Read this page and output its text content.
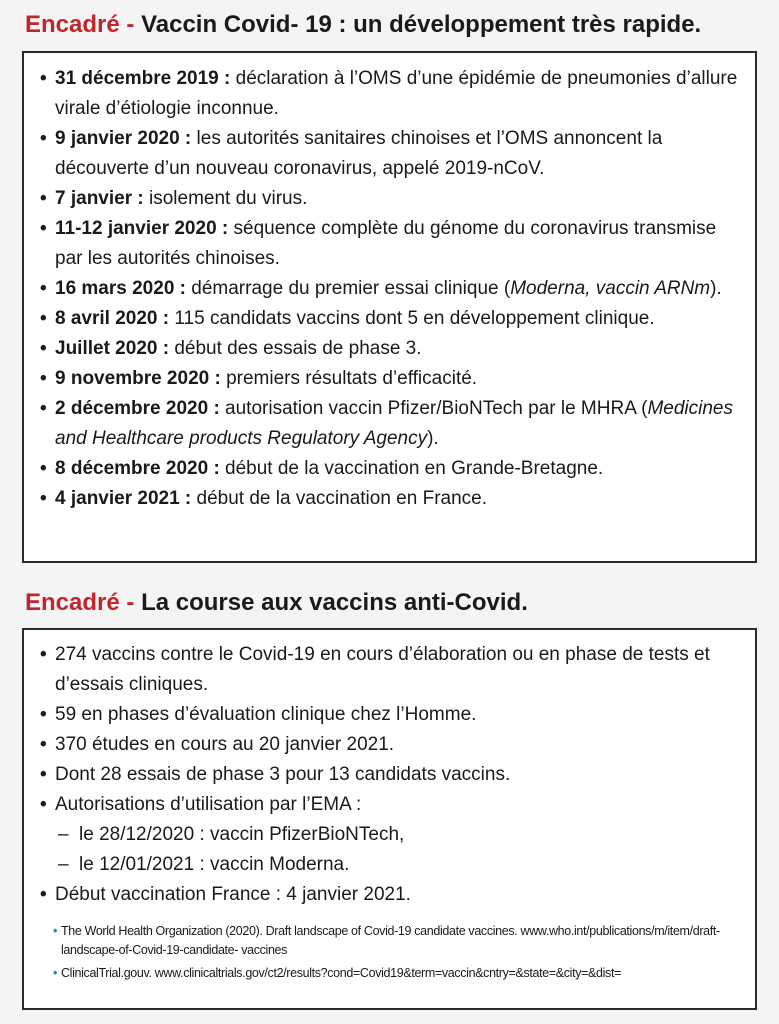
Encadré - Vaccin Covid- 19 : un développement très rapide.
• 31 décembre 2019 : déclaration à l’OMS d’une épidémie de pneumonies d’allure virale d’étiologie inconnue.
• 9 janvier 2020 : les autorités sanitaires chinoises et l’OMS annoncent la découverte d’un nouveau coronavirus, appelé 2019-nCoV.
• 7 janvier : isolement du virus.
• 11-12 janvier 2020 : séquence complète du génome du coronavirus transmise par les autorités chinoises.
• 16 mars 2020 : démarrage du premier essai clinique (Moderna, vaccin ARNm).
• 8 avril 2020 : 115 candidats vaccins dont 5 en développement clinique.
• Juillet 2020 : début des essais de phase 3.
• 9 novembre 2020 : premiers résultats d’efficacité.
• 2 décembre 2020 : autorisation vaccin Pfizer/BioNTech par le MHRA (Medicines and Healthcare products Regulatory Agency).
• 8 décembre 2020 : début de la vaccination en Grande-Bretagne.
• 4 janvier 2021 : début de la vaccination en France.
Encadré - La course aux vaccins anti-Covid.
• 274 vaccins contre le Covid-19 en cours d’élaboration ou en phase de tests et d’essais cliniques.
• 59 en phases d’évaluation clinique chez l’Homme.
• 370 études en cours au 20 janvier 2021.
• Dont 28 essais de phase 3 pour 13 candidats vaccins.
• Autorisations d’utilisation par l’EMA :
– le 28/12/2020 : vaccin PfizerBioNTech,
– le 12/01/2021 : vaccin Moderna.
• Début vaccination France : 4 janvier 2021.
• The World Health Organization (2020). Draft landscape of Covid-19 candidate vaccines. www.who.int/publications/m/item/draft-landscape-of-Covid-19-candidate- vaccines
• ClinicalTrial.gouv. www.clinicaltrials.gov/ct2/results?cond=Covid19&term=vaccin&cntry=&state=&city=&dist=
